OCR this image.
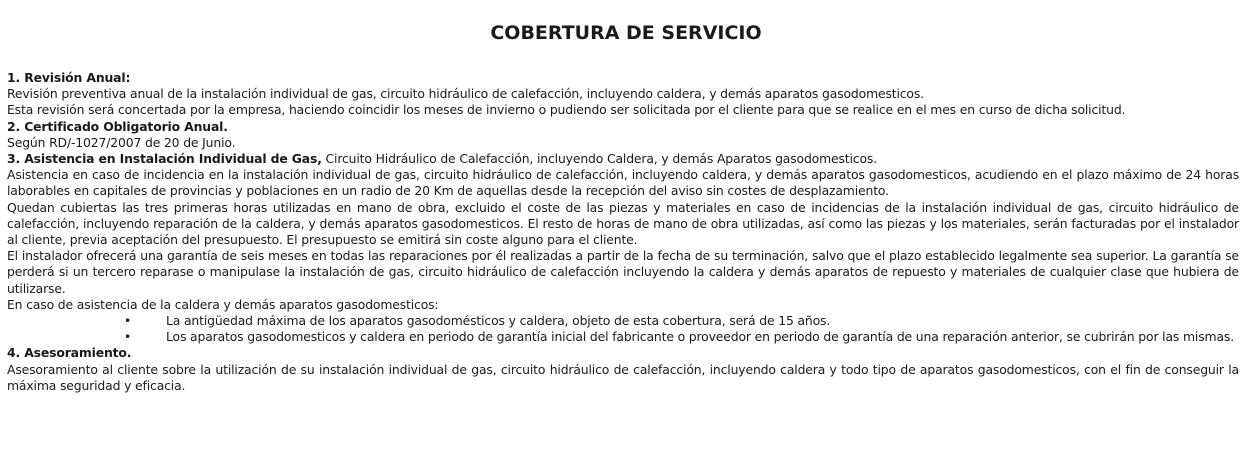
COBERTURA DE SERVICIO
1. Revisión Anual:

Revisión preventiva anual de la instalación individual de gas, circuito hidráulico de calefacción, incluyendo caldera, y demás aparatos gasodomesticos.

Esta revisión será concertada por la empresa, haciendo coincidir los meses de invierno o pudiendo ser solicitada por el cliente para que se realice en el mes en curso de dicha solicitud.

2. Certificado Obligatorio Anual.

Según RD/-1027/2007 de 20 de Junio.

3. Asistencia en Instalación Individual de Gas, Circuito Hidráulico de Calefacción, incluyendo Caldera, y demás Aparatos gasodomesticos.

Asistencia en caso de incidencia en la instalación individual de gas, circuito hidráulico de calefacción, incluyendo caldera, y demás aparatos gasodomesticos, acudiendo en el plazo máximo de 24 horas laborables en capitales de provincias y poblaciones en un radio de 20 Km de aquellas desde la recepción del aviso sin costes de desplazamiento.

Quedan cubiertas las tres primeras horas utilizadas en mano de obra, excluido el coste de las piezas y materiales en caso de incidencias de la instalación individual de gas, circuito hidráulico de calefacción, incluyendo reparación de la caldera, y demás aparatos gasodomesticos. El resto de horas de mano de obra utilizadas, así como las piezas y los materiales, serán facturadas por el instalador al cliente, previa aceptación del presupuesto. El presupuesto se emitirá sin coste alguno para el cliente.

El instalador ofrecerá una garantía de seis meses en todas las reparaciones por él realizadas a partir de la fecha de su terminación, salvo que el plazo establecido legalmente sea superior. La garantía se perderá si un tercero reparase o manipulase la instalación de gas, circuito hidráulico de calefacción incluyendo la caldera y demás aparatos de repuesto y materiales de cualquier clase que hubiera de utilizarse.

En caso de asistencia de la caldera y demás aparatos gasodomesticos:

•	La antigüedad máxima de los aparatos gasodomésticos y caldera, objeto de esta cobertura, será de 15 años.
•	Los aparatos gasodomesticos y caldera en periodo de garantía inicial del fabricante o proveedor en periodo de garantía de una reparación anterior, se cubrirán por las mismas.
4. Asesoramiento.

Asesoramiento al cliente sobre la utilización de su instalación individual de gas, circuito hidráulico de calefacción, incluyendo caldera y todo tipo de aparatos gasodomesticos, con el fin de conseguir la máxima seguridad y eficacia.
